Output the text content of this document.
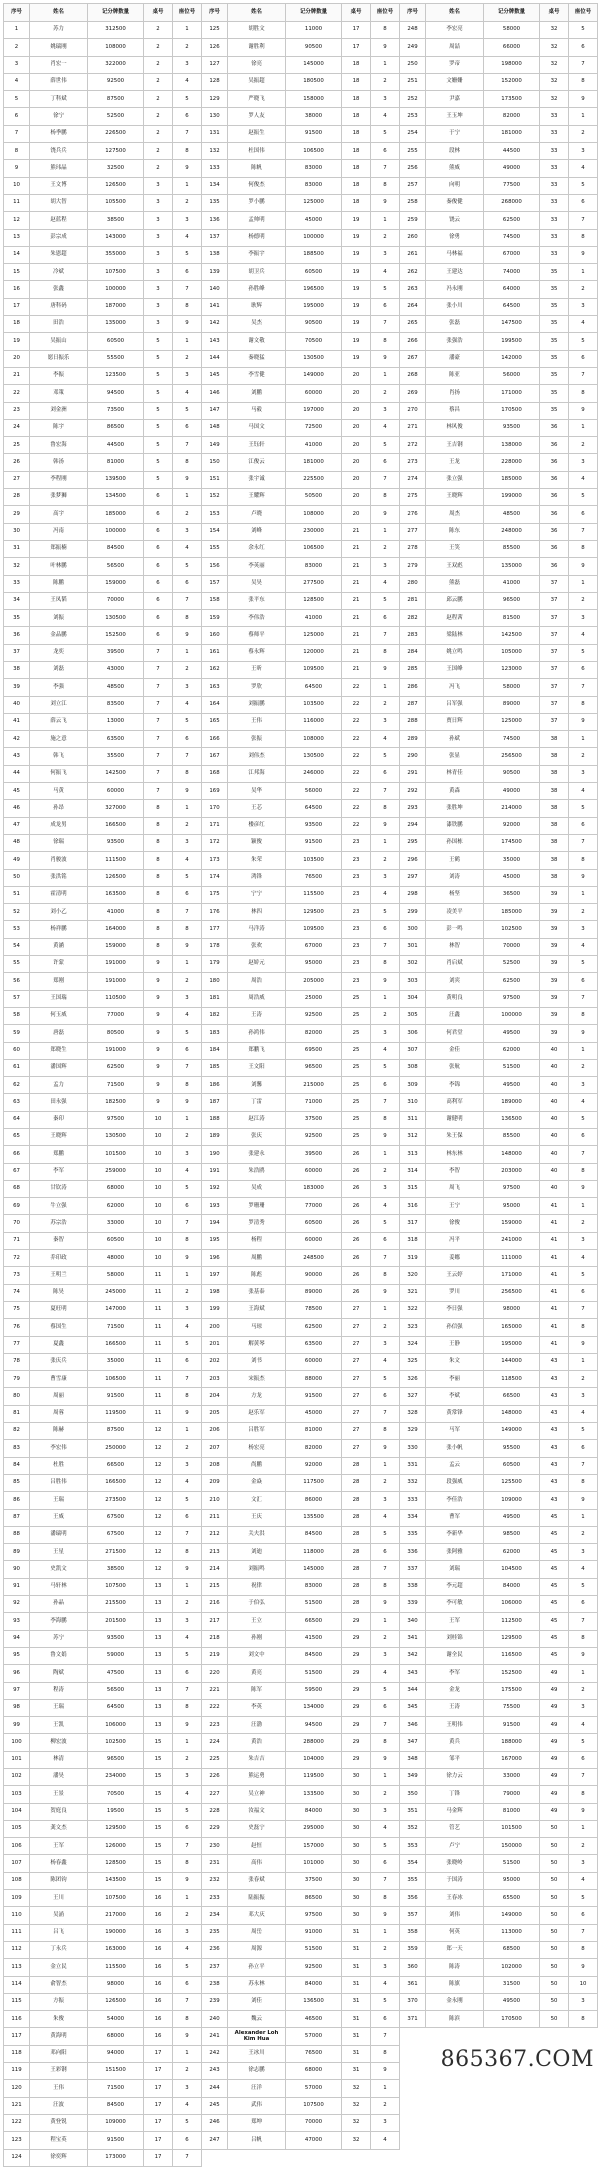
序号	姓名	记分牌数量	桌号	座位号
1	苏力	312500	2	1
2	姚瑞刚	108000	2	2
3	肖宏一	322000	2	3
4	薛世伟	92500	2	4
5	丁科斌	87500	2	5
6	徐宁	52500	2	6
7	杨季鹏	226500	2	7
8	饶兵兵	127500	2	8
9	熊玮晶	32500	2	9
10	王文博	126500	3	1
11	胡大智	105500	3	2
12	赵蓝程	38500	3	3
13	彭宗成	143000	3	4
14	朱恩超	355000	3	5
15	冷斌	107500	3	6
16	张鑫	100000	3	7
17	唐科码	187000	3	8
18	田浩	135000	3	9
19	吴振山	60500	5	1
20	愿日振乐	55500	5	2
21	李振	123500	5	3
22	邓策	94500	5	4
23	刘金洲	73500	5	5
24	陈宇	86500	5	6
25	鲁宏海	44500	5	7
26	韩汤	81000	5	8
27	李程刚	139500	5	9
28	张梦狮	134500	6	1
29	高宇	185000	6	2
30	冯南	100000	6	3
31	郑振楠	84500	6	4
32	叶林鹏	56500	6	5
33	陈鹏	159000	6	6
34	王凤韬	70000	6	7
35	刘振	130500	6	8
36	金品鹏	152500	6	9
37	龙奕	39500	7	1
38	刘磊	43000	7	2
39	李强	48500	7	3
40	刘立江	83500	7	4
41	薛云飞	13000	7	5
42	施之意	63500	7	6
43	韩飞	35500	7	7
44	何振飞	142500	7	8
45	马黄	60000	7	9
46	孙昂	327000	8	1
47	成龙男	166500	8	2
48	徐瑞	93500	8	3
49	肖骏波	111500	8	4
50	张洪铭	126500	8	5
51	霍清明	163500	8	6
52	刘小乙	41000	8	7
53	杨祥鹏	164000	8	8
54	黄涵	159000	8	9
55	许蒙	191000	9	1
56	郑刚	191000	9	2
57	王国瑞	110500	9	3
58	何玉威	77000	9	4
59	唐磊	80500	9	5
60	郑晓生	191000	9	6
61	潘国辉	62500	9	7
62	孟力	71500	9	8
63	田永强	182500	9	9
64	秦印	97500	10	1
65	王晓辉	130500	10	2
66	郑鹏	101500	10	3
67	李军	259000	10	4
68	甘钦涛	68000	10	5
69	牛立强	62000	10	6
70	苏宗浩	33000	10	7
71	秦智	60500	10	8
72	乔印政	48000	10	9
73	王明兰	58000	11	1
74	陈昊	245000	11	2
75	夏旺明	147000	11	3
76	蔡国生	71500	11	4
77	夏鑫	166500	11	5
78	张庆兵	35000	11	6
79	曹雪康	106500	11	7
80	周丽	91500	11	8
81	周蓉	119500	11	9
82	陈赫	87500	12	1
83	李宏伟	250000	12	2
84	杜胜	66500	12	3
85	吕胜伟	166500	12	4
86	王瑞	273500	12	5
87	王威	67500	12	6
88	潘瑞明	67500	12	7
89	王星	271500	12	8
90	史凯文	38500	12	9
91	马轩林	107500	13	1
92	孙晶	215500	13	2
93	李海鹏	201500	13	3
94	苏宁	93500	13	4
95	鲁文娟	59000	13	5
96	陶斌	47500	13	6
97	程涛	56500	13	7
98	王瑞	64500	13	8
99	王凯	106000	13	9
100	柳宏波	102500	15	1
101	林清	96500	15	2
102	潘昊	234000	15	3
103	王景	70500	15	4
104	贺庭良	19500	15	5
105	龚文杰	129500	15	6
106	王军	126000	15	7
107	杨春鑫	128500	15	8
108	陈团钧	143500	15	9
109	王川	107500	16	1
110	吴涌	217000	16	2
111	吕飞	190000	16	3
112	丁永兵	163000	16	4
113	金立民	115500	16	5
114	俞智杰	98000	16	6
115	方振	126500	16	7
116	朱俊	54000	16	8
117	黄海明	68000	16	9
118	邓向阳	94000	17	1
119	王彩钢	151500	17	2
120	王伟	71500	17	3
121	汪波	84500	17	4
122	黄登锐	109000	17	5
123	程宝英	91500	17	6
124	徐奕辉	173000	17	7
序号	姓名	记分牌数量	桌号	座位号
125	胡胜文	11000	17	8
126	谢胜利	90500	17	9
127	徐亮	145000	18	1
128	吴振超	180500	18	2
129	严晓飞	158000	18	3
130	罗人友	38000	18	4
131	赵振生	91500	18	5
132	杜国伟	106500	18	6
133	陈帆	83000	18	7
134	何俊杰	83000	18	8
135	罗小鹏	125000	18	9
136	孟帅明	45000	19	1
137	杨德明	100000	19	2
138	李振宇	188500	19	3
139	胡卫兵	60500	19	4
140	孙胜峰	196500	19	5
141	耿辉	195000	19	6
142	吴杰	90500	19	7
143	谢文敬	70500	19	8
144	秦晓猛	130500	19	9
145	李雪健	149000	20	1
146	刘鹏	60000	20	2
147	马毅	197000	20	3
148	马国文	72500	20	4
149	王钰轩	41000	20	5
150	江俊云	181000	20	6
151	张宇诚	225500	20	7
152	王耀辉	50500	20	8
153	卢晓	108000	20	9
154	刘峰	230000	21	1
155	余永红	106500	21	2
156	李英丽	83000	21	3
157	吴昊	277500	21	4
158	张平东	128500	21	5
159	李伟浩	41000	21	6
160	蔡师平	125000	21	7
161	蔡永辉	120000	21	8
162	王昕	109500	21	9
163	罗欣	64500	22	1
164	刘振鹏	103500	22	2
165	王伟	116000	22	3
166	张振	108000	22	4
167	刘伟杰	130500	22	5
168	江邦海	246000	22	6
169	吴华	56000	22	7
170	王芯	64500	22	8
171	楼彦红	93500	22	9
172	颖俊	91500	23	1
173	朱荣	103500	23	2
174	鸿锋	76500	23	3
175	宁宁	115500	23	4
176	林四	129500	23	5
177	马洋涛	109500	23	6
178	张欢	67000	23	7
179	赵娇元	95000	23	8
180	周浩	205000	23	9
181	周浩威	25000	25	1
182	王涛	92500	25	2
183	孙鸿伟	82000	25	3
184	郑鹏飞	69500	25	4
185	王文阳	96500	25	5
186	刘馨	215000	25	6
187	丁雷	71000	25	7
188	赵江涛	37500	25	8
189	张庆	92500	25	9
190	张建永	39500	26	1
191	朱浩鸥	60000	26	2
192	吴成	183000	26	3
193	罗珊珊	77000	26	4
194	罗清秀	60500	26	5
195	杨程	60000	26	6
196	周鹏	248500	26	7
197	陈彪	90000	26	8
198	张基泰	89000	26	9
199	王海斌	78500	27	1
200	马琼	62500	27	2
201	解黄琴	63500	27	3
202	刘书	60000	27	4
203	宋振杰	88000	27	5
204	方龙	91500	27	6
205	赵乐军	45000	27	7
206	吕胜军	81000	27	8
207	杨宏亮	82000	27	9
208	尚鹏	92000	28	1
209	金焱	117500	28	2
210	文汇	86000	28	3
211	王庆	135500	28	4
212	关夫洪	84500	28	5
213	刘迪	118000	28	6
214	刘振鸣	145000	28	7
215	祝律	83000	28	8
216	于伯弘	51500	28	9
217	王立	66500	29	1
218	孙刚	41500	29	2
219	刘文中	84500	29	3
220	黄亮	51500	29	4
221	陈军	59500	29	5
222	李英	134000	29	6
223	汪渤	94500	29	7
224	黄浩	288000	29	8
225	朱吉吉	104000	29	9
226	熊运勇	119500	30	1
227	吴立神	133500	30	2
228	汝福文	84000	30	3
229	史磊宁	295000	30	4
230	赵恒	157000	30	5
231	高伟	101000	30	6
232	张春斌	37500	30	7
233	陆振振	86500	30	8
234	邓大庆	97500	30	9
235	周岳	91000	31	1
236	周源	51500	31	2
237	孙立平	92500	31	3
238	苏永林	84000	31	4
239	刘佳	136500	31	5
240	魏云	46500	31	6
241	Alexander Loh Kim Hua	57000	31	7
242	王冰川	76500	31	8
243	徐志鹏	68000	31	9
244	汪洋	57000	32	1
245	武伟	107500	32	2
246	郑坤	70000	32	3
247	吕帆	47000	32	4
序号	姓名	记分牌数量	桌号	座位号
248	李宏亮	58000	32	5
249	周喆	66000	32	6
250	罗帝	198000	32	7
251	文姗姗	152000	32	8
252	尹嘉	173500	32	9
253	王玉坤	82000	33	1
254	于宁	181000	33	2
255	段林	44500	33	3
256	熊威	49000	33	4
257	向明	77500	33	5
258	秦俊健	268000	33	6
259	饶云	62500	33	7
260	徐勇	74500	33	8
261	马林福	67000	33	9
262	王建达	74000	35	1
263	冯永刚	64000	35	2
264	张小川	64500	35	3
265	张磊	147500	35	4
266	张强浩	199500	35	5
267	潘豪	142000	35	6
268	陈亚	56000	35	7
269	肖扬	171000	35	8
270	蔡昌	170500	35	9
271	林风俊	93500	36	1
272	王吉钢	138000	36	2
273	王龙	228000	36	3
274	张立强	185000	36	4
275	王晓辉	199000	36	5
276	周杰	48500	36	6
277	陈东	248000	36	7
278	王笑	85500	36	8
279	王双彪	135000	36	9
280	熊磊	41000	37	1
281	邱云鹏	96500	37	2
282	赵程茜	81500	37	3
283	梁陆林	142500	37	4
284	姚立鸣	105000	37	5
285	王国峰	123000	37	6
286	冯飞	58000	37	7
287	吕军强	89000	37	8
288	贾日辉	125000	37	9
289	孙斌	74500	38	1
290	张显	256500	38	2
291	林青佳	90500	38	3
292	黄森	49000	38	4
293	张胜坤	214000	38	5
294	漆铁鹏	92000	38	6
295	孙国栋	174500	38	7
296	王鹤	35000	38	8
297	刘涛	45000	38	9
298	杨坚	36500	39	1
299	凌美平	185000	39	2
300	彭一鸣	102500	39	3
301	林智	70000	39	4
302	肖启斌	52500	39	5
303	刘宾	62500	39	6
304	黄明良	97500	39	7
305	汪鑫	100000	39	8
306	何君堂	49500	39	9
307	金佳	62000	40	1
308	张航	51500	40	2
309	李锦	49500	40	3
310	高利军	189000	40	4
311	谢健明	136500	40	5
312	朱王保	85500	40	6
313	林东林	148000	40	7
314	李智	203000	40	8
315	周飞	97500	40	9
316	王宁	95000	41	1
317	徐俊	159000	41	2
318	冯平	241000	41	3
319	姜娜	111000	41	4
320	王云婷	171000	41	5
321	罗川	256500	41	6
322	李日强	98000	41	7
323	孙信强	165000	41	8
324	王静	195000	41	9
325	朱文	144000	43	1
326	李丽	118500	43	2
327	李斌	66500	43	3
328	黄常锋	148000	43	4
329	马军	149000	43	5
330	张小帆	95500	43	6
331	孟云	60500	43	7
332	段强威	125500	43	8
333	李佳浩	109000	43	9
334	曹军	49500	45	1
335	李新华	98500	45	2
336	张阿雅	62000	45	3
337	刘瑞	104500	45	4
338	李元超	84000	45	5
339	李可敏	106000	45	6
340	王军	112500	45	7
341	刘桂锦	129500	45	8
342	谢全民	116500	45	9
343	李军	152500	49	1
344	金龙	175500	49	2
345	王涛	75500	49	3
346	王明伟	91500	49	4
347	黄兵	188000	49	5
348	邹平	167000	49	6
349	徐力云	33000	49	7
350	丁锋	79000	49	8
351	马金辉	81000	49	9
352	管艺	101500	50	1
353	卢宁	150000	50	2
354	张晓岭	51500	50	3
355	于国涛	95000	50	4
356	王春冰	65500	50	5
357	刘伟	149000	50	6
358	何英	113000	50	7
359	郑一天	68500	50	8
360	陈涛	102000	50	9
361	陈旗	31500	50	10
370	金永刚	49500	50	3
371	陈滨	170500	50	8
865367.COM
